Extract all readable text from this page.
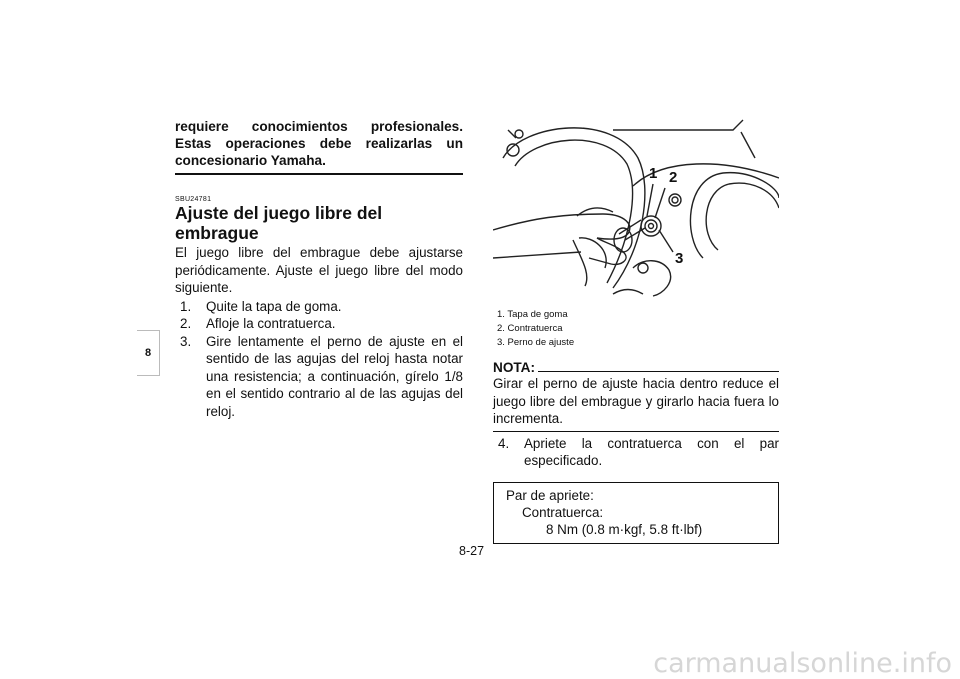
8
requiere conocimientos profesionales. Estas operaciones debe realizarlas un concesionario Yamaha.
SBU24781
Ajuste del juego libre del embrague
El juego libre del embrague debe ajustarse periódicamente. Ajuste el juego libre del modo siguiente.
1.	Quite la tapa de goma.
2.	Afloje la contratuerca.
3.	Gire lentamente el perno de ajuste en el sentido de las agujas del reloj hasta notar una resistencia; a continuación, gírelo 1/8 en el sentido contrario al de las agujas del reloj.
1 2
3
1. Tapa de goma
2. Contratuerca
3. Perno de ajuste
NOTA:
Girar el perno de ajuste hacia dentro reduce el juego libre del embrague y girarlo hacia fuera lo incrementa.
4.	Apriete la contratuerca con el par especificado.
Par de apriete:
Contratuerca:
8 Nm (0.8 m·kgf, 5.8 ft·lbf)
8-27
carmanualsonline.info
